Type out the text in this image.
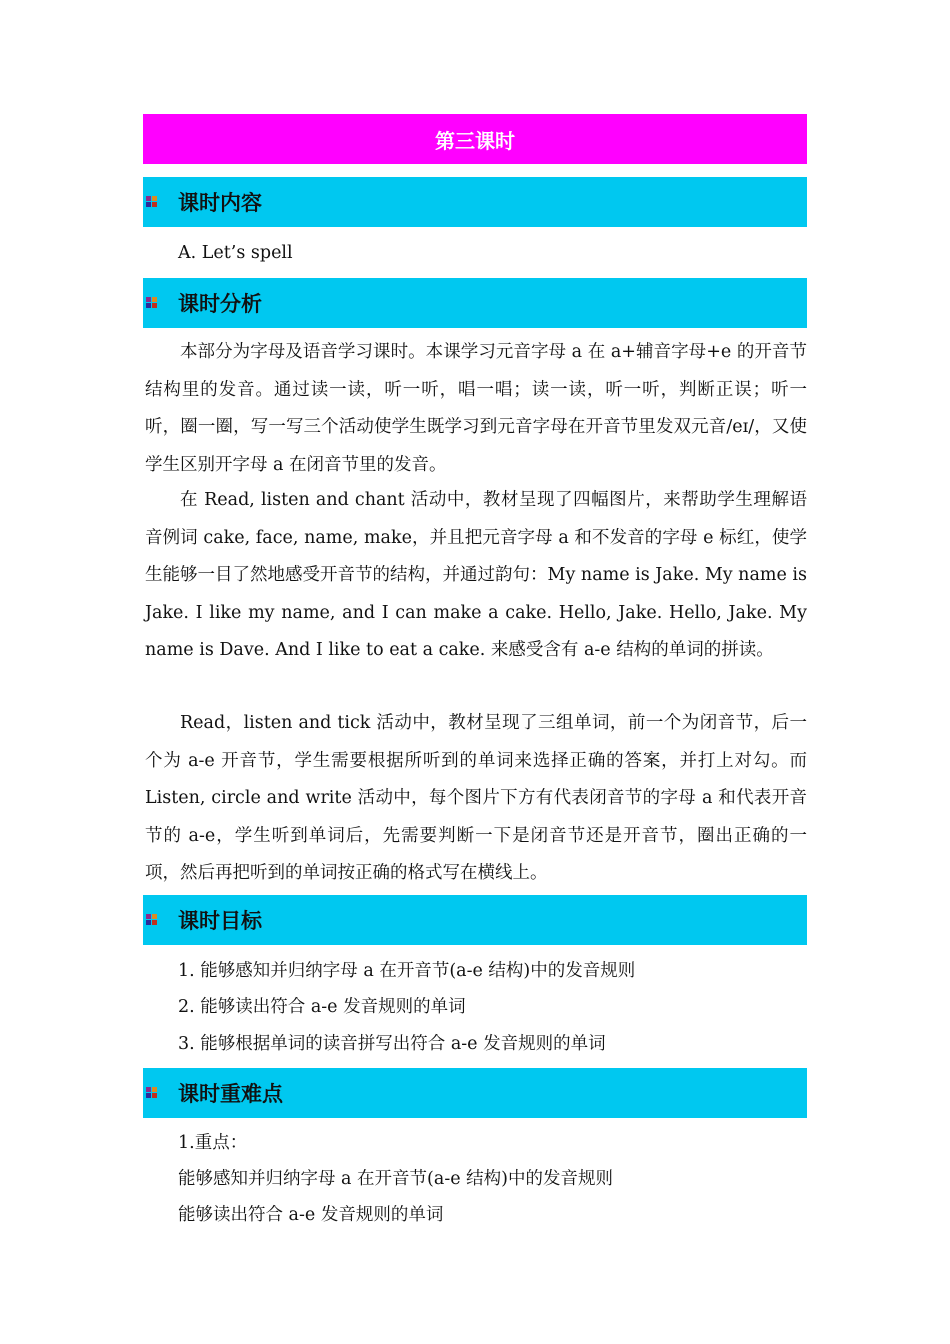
第三课时
课时内容
A. Let’s spell
课时分析
本部分为字母及语音学习课时。本课学习元音字母 a 在 a+辅音字母+e 的开音节结构里的发音。通过读一读，听一听，唱一唱；读一读，听一听，判断正误；听一听，圈一圈，写一写三个活动使学生既学习到元音字母在开音节里发双元音/eɪ/，又使学生区别开字母 a 在闭音节里的发音。
在 Read, listen and chant 活动中，教材呈现了四幅图片，来帮助学生理解语音例词 cake, face, name, make，并且把元音字母 a 和不发音的字母 e 标红，使学生能够一目了然地感受开音节的结构，并通过韵句：My name is Jake. My name is Jake. I like my name, and I can make a cake. Hello, Jake. Hello, Jake. My name is Dave. And I like to eat a cake. 来感受含有 a-e 结构的单词的拼读。
Read，listen and tick 活动中，教材呈现了三组单词，前一个为闭音节，后一个为 a-e 开音节，学生需要根据所听到的单词来选择正确的答案，并打上对勾。而 Listen, circle and write 活动中，每个图片下方有代表闭音节的字母 a 和代表开音节的 a-e，学生听到单词后，先需要判断一下是闭音节还是开音节，圈出正确的一项，然后再把听到的单词按正确的格式写在横线上。
课时目标
1. 能够感知并归纳字母 a 在开音节(a-e 结构)中的发音规则
2. 能够读出符合 a-e 发音规则的单词
3. 能够根据单词的读音拼写出符合 a-e 发音规则的单词
课时重难点
1.重点：
能够感知并归纳字母 a 在开音节(a-e 结构)中的发音规则
能够读出符合 a-e 发音规则的单词
